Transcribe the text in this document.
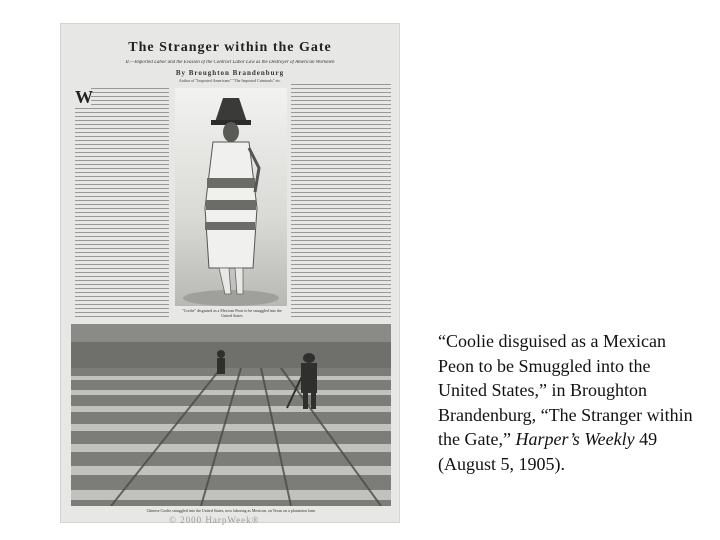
The Stranger within the Gate
II.—Imported Labor and the Evasion of the Contract Labor Law as the Destroyer of American Workmen
By Broughton Brandenburg
Author of "Imported Americans" "The Imported Criminals" etc.
W
"Coolie" disguised as a Mexican Peon to be smuggled into the United States
Chinese Coolie smuggled into the United States, now laboring as Mexican, on Texas on a plantation farm
© 2000 HarpWeek®
“Coolie disguised as a Mexican Peon to be Smuggled into the United States,” in Broughton Brandenburg, “The Stranger within the Gate,” Harper’s Weekly 49 (August 5, 1905).
